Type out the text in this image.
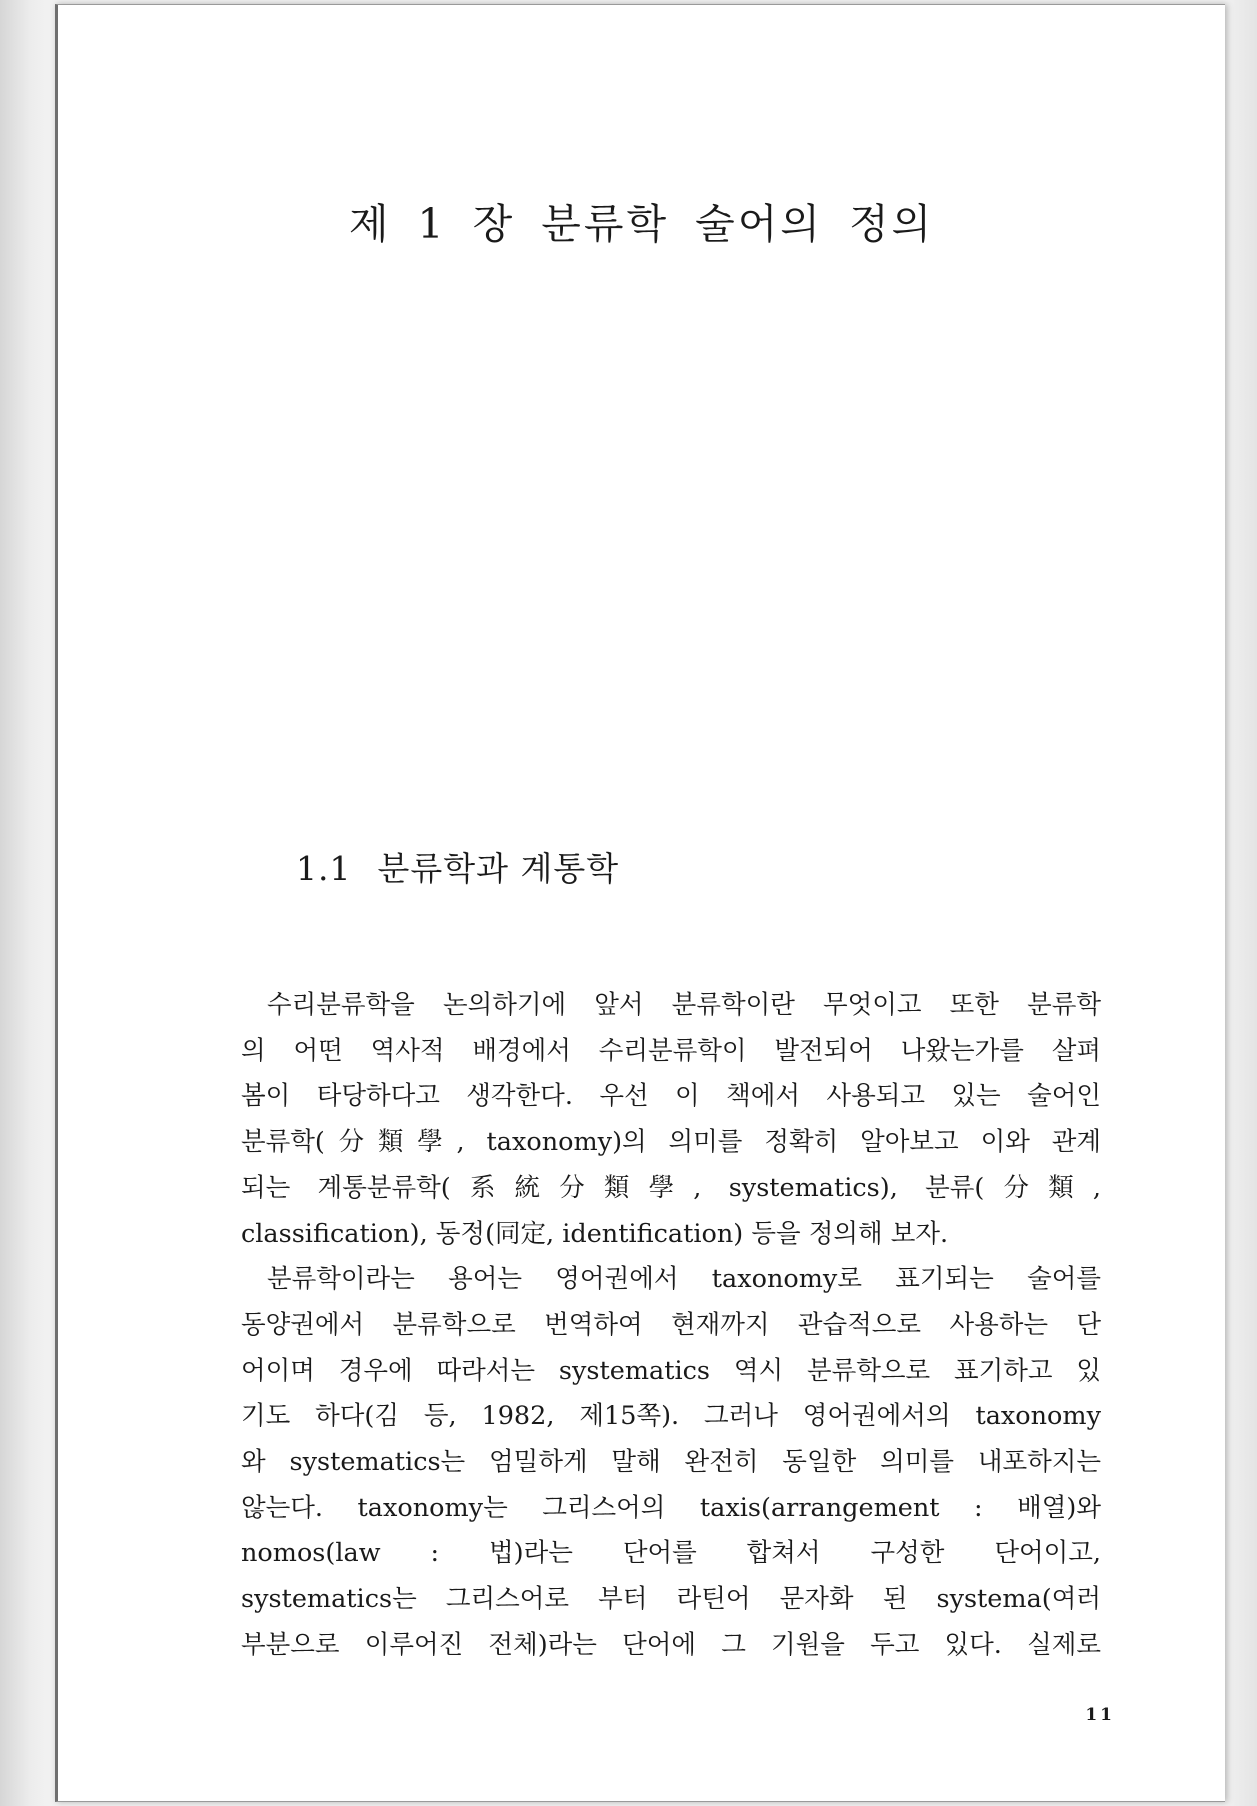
제 1 장 분류학 술어의 정의
1.1 분류학과 계통학
수리분류학을 논의하기에 앞서 분류학이란 무엇이고 또한 분류학
의 어떤 역사적 배경에서 수리분류학이 발전되어 나왔는가를 살펴
봄이 타당하다고 생각한다. 우선 이 책에서 사용되고 있는 술어인
분류학(分類學, taxonomy)의 의미를 정확히 알아보고 이와 관계
되는 계통분류학(系統分類學, systematics), 분류(分類,
classification), 동정(同定, identification) 등을 정의해 보자.
분류학이라는 용어는 영어권에서 taxonomy로 표기되는 술어를
동양권에서 분류학으로 번역하여 현재까지 관습적으로 사용하는 단
어이며 경우에 따라서는 systematics 역시 분류학으로 표기하고 있
기도 하다(김 등, 1982, 제15쪽). 그러나 영어권에서의 taxonomy
와 systematics는 엄밀하게 말해 완전히 동일한 의미를 내포하지는
않는다. taxonomy는 그리스어의 taxis(arrangement : 배열)와
nomos(law : 법)라는 단어를 합쳐서 구성한 단어이고,
systematics는 그리스어로 부터 라틴어 문자화 된 systema(여러
부분으로 이루어진 전체)라는 단어에 그 기원을 두고 있다. 실제로
11
